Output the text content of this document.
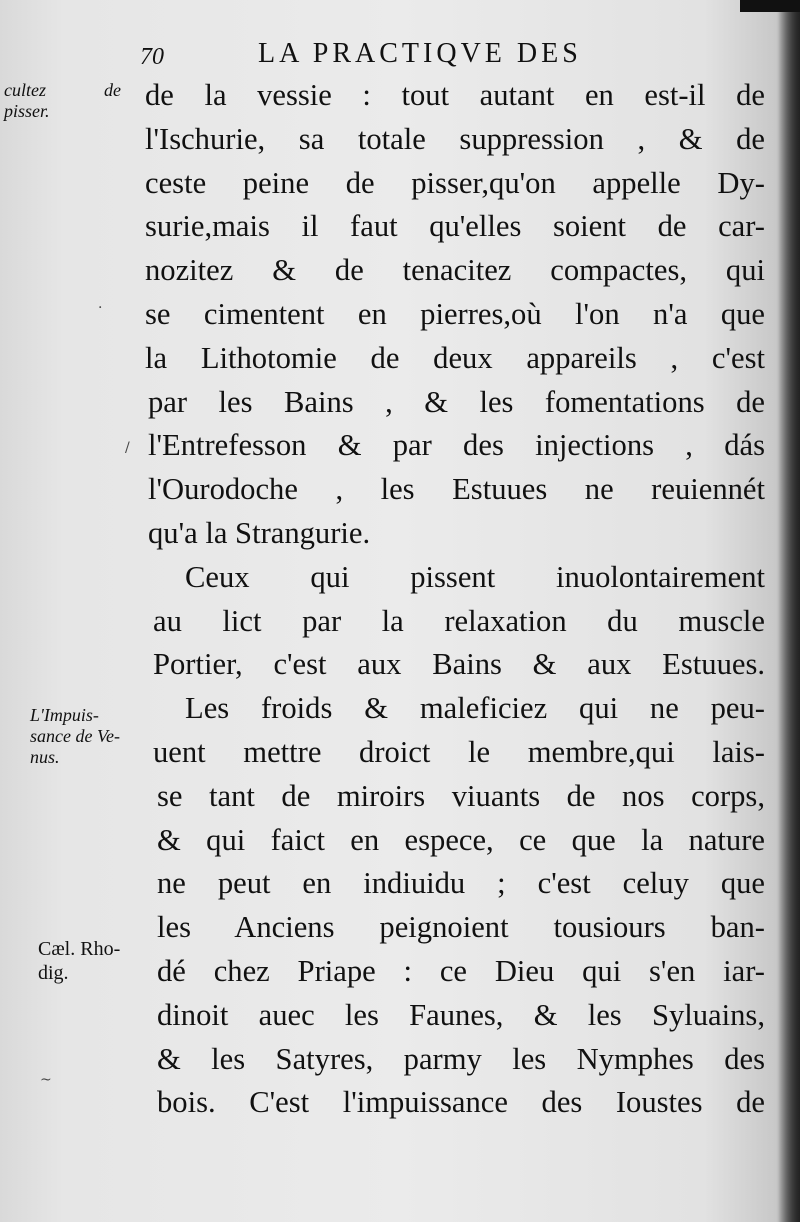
70	LA PRACTIQVE DES
cultez	de
pisser.
L'Impuis-
sance de Ve-
nus.
Cæl. Rho-
dig.
/
·
~
de la vessie : tout autant en est-il de
l'Ischurie, sa totale suppression , & de
ceste peine de pisser,qu'on appelle Dy-
surie,mais il faut qu'elles soient de car-
nozitez & de tenacitez compactes, qui
se cimentent en pierres,où l'on n'a que
la Lithotomie de deux appareils , c'est
par les Bains , & les fomentations de
l'Entrefesson & par des injections , dás
l'Ourodoche , les Estuues ne reuiennét
qu'a la Strangurie.
Ceux qui pissent inuolontairement
au lict par la relaxation du muscle
Portier, c'est aux Bains & aux Estuues.
Les froids & maleficiez qui ne peu-
uent mettre droict le membre,qui lais-
se tant de miroirs viuants de nos corps,
& qui faict en espece, ce que la nature
ne peut en indiuidu ; c'est celuy que
les Anciens peignoient tousiours ban-
dé chez Priape : ce Dieu qui s'en iar-
dinoit auec les Faunes, & les Syluains,
& les Satyres, parmy les Nymphes des
bois. C'est l'impuissance des Ioustes de
